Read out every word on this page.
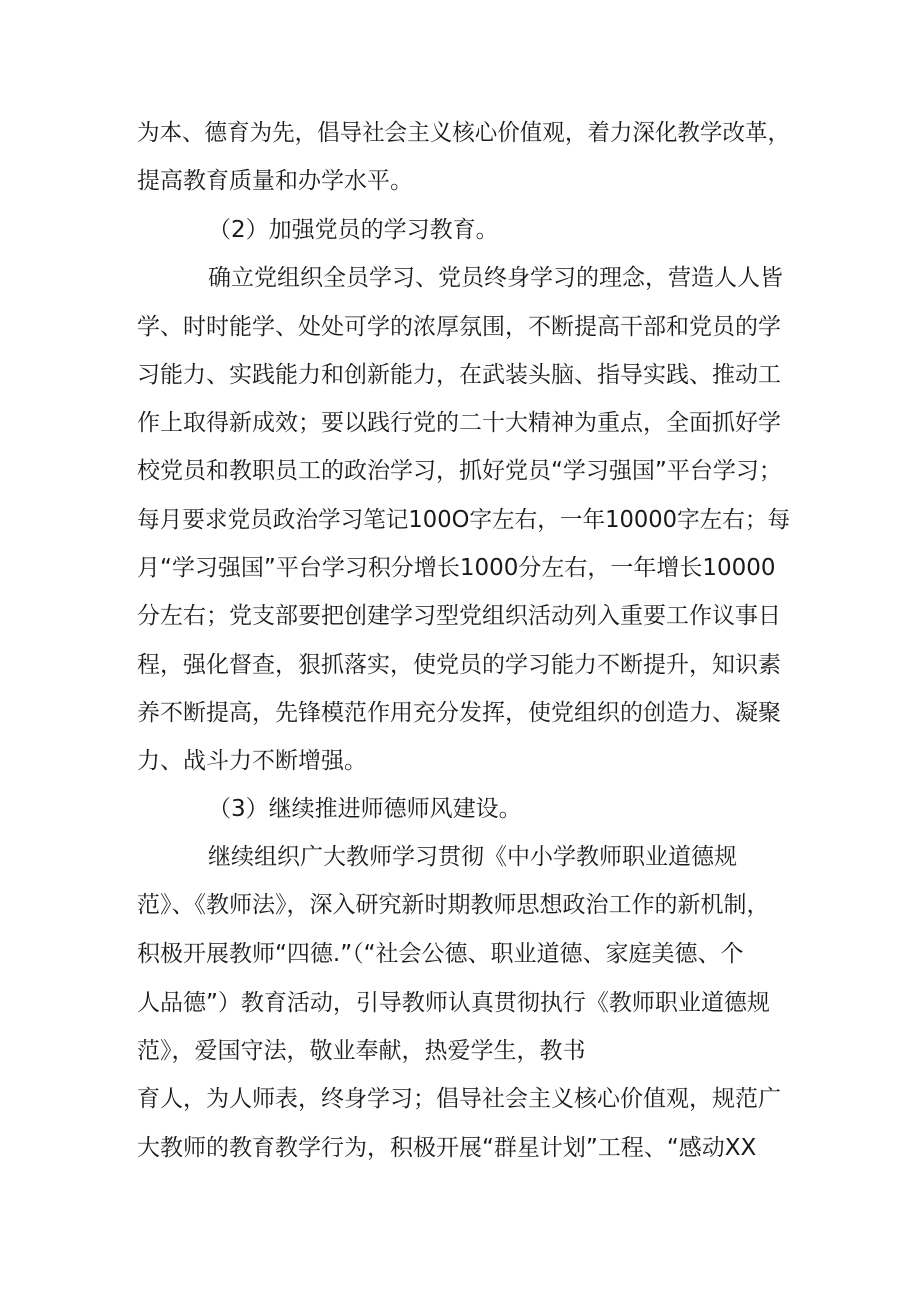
为本、德育为先，倡导社会主义核心价值观，着力深化教学改革，
提高教育质量和办学水平。
（2）加强党员的学习教育。
确立党组织全员学习、党员终身学习的理念，营造人人皆
学、时时能学、处处可学的浓厚氛围，不断提高干部和党员的学
习能力、实践能力和创新能力，在武装头脑、指导实践、推动工
作上取得新成效；要以践行党的二十大精神为重点，全面抓好学
校党员和教职员工的政治学习，抓好党员“学习强国”平台学习；
每月要求党员政治学习笔记100O字左右，一年10000字左右；每
月“学习强国”平台学习积分增长1000分左右，一年增长10000
分左右；党支部要把创建学习型党组织活动列入重要工作议事日
程，强化督查，狠抓落实，使党员的学习能力不断提升，知识素
养不断提高，先锋模范作用充分发挥，使党组织的创造力、凝聚
力、战斗力不断增强。
（3）继续推进师德师风建设。
继续组织广大教师学习贯彻《中小学教师职业道德规
范》、《教师法》，深入研究新时期教师思想政治工作的新机制，
积极开展教师“四德.”（“社会公德、职业道德、家庭美德、个
人品德”）教育活动，引导教师认真贯彻执行《教师职业道德规
范》，爱国守法，敬业奉献，热爱学生，教书
育人，为人师表，终身学习；倡导社会主义核心价值观，规范广
大教师的教育教学行为，积极开展“群星计划”工程、“感动XX
